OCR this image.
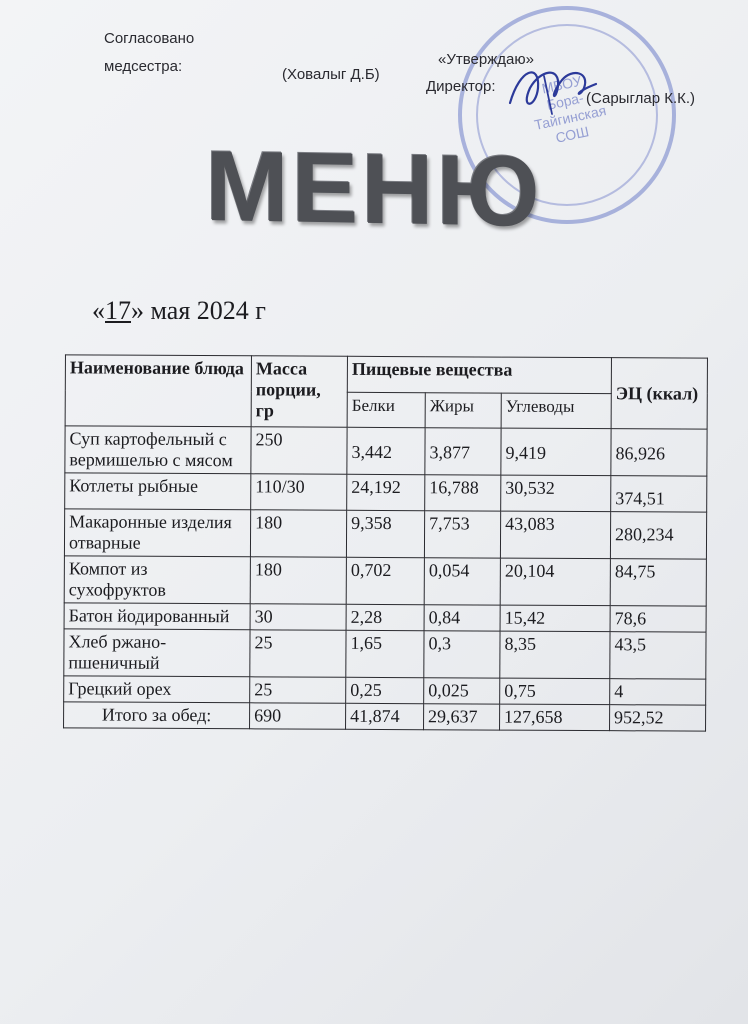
Согласовано
медсестра:	(Ховалыг Д.Б)	МБОУ Бора-Тайгинская СОШ
«Утверждаю»
Директор:
(Сарыглар К.К.)
МЕНЮ
«17» мая 2024 г
Наименование блюда	Масса порции, гр	Пищевые вещества			ЭЦ (ккал)
		Белки	Жиры	Углеводы	
Суп картофельный с вермишелью с мясом	250	3,442	3,877	9,419	86,926
Котлеты рыбные	110/30	24,192	16,788	30,532	374,51
Макаронные изделия отварные	180	9,358	7,753	43,083	280,234
Компот из сухофруктов	180	0,702	0,054	20,104	84,75
Батон йодированный	30	2,28	0,84	15,42	78,6
Хлеб ржано-пшеничный	25	1,65	0,3	8,35	43,5
Грецкий орех	25	0,25	0,025	0,75	4
Итого за обед:	690	41,874	29,637	127,658	952,52
